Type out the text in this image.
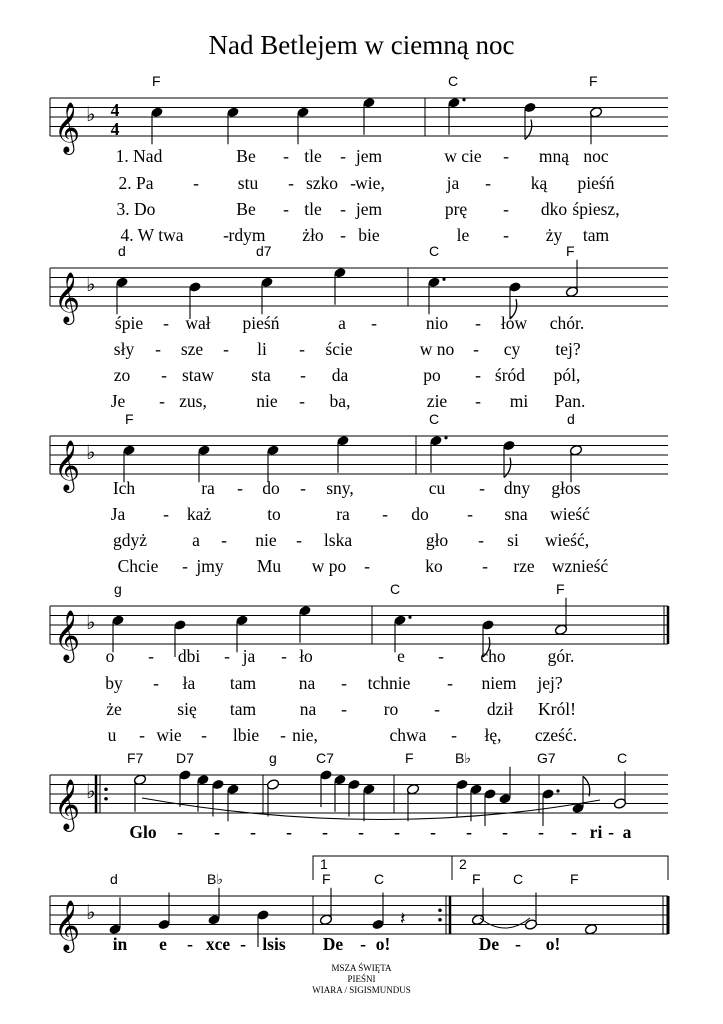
Nad Betlejem w ciemną noc
𝄞 ♭ 4
4
F	C	F
1. Nad	Be - tle - jem	w cie - mną noc
2. Pa - stu - szko - wie,	ja - ką pieśń
3. Do	Be - tle - jem	prę - dko śpiesz,
4. W twa - rdym żło - bie	le - ży tam
𝄞 ♭
d	d7	C	F
śpie - wał pieśń	a -	nio - łów chór.
sły - sze - li - ście	w no - cy tej?
zo - staw sta - da	po - śród pól,
Je - zus,	nie - ba,	zie - mi Pan.
𝄞 ♭
F	C	d
Ich	ra - do - sny,	cu - dny głos
Ja - każ	to	ra - do - sna wieść
gdyż	a - nie - lska	gło - si wieść,
Chcie - jmy Mu w po -	ko - rze wznieść
𝄞 ♭
g	C	F
o - dbi - ja - ło	e - cho gór.
by - ła tam na - tchnie - niem jej?
że	się tam na - ro -	dził Król!
u - wie - lbie - nie,	chwa - łę, cześć.
𝄞 ♭
F7 D7	g	C7	F	B♭	G7	C
Glo - - - - - - - - - - - - ri - a
𝄞 ♭	𝄽
1	2
d	B♭	F	C	F C	F
in e - xce - lsis De - o!	De - o!
MSZA ŚWIĘTA
PIEŚNI
WIARA / SIGISMUNDUS
